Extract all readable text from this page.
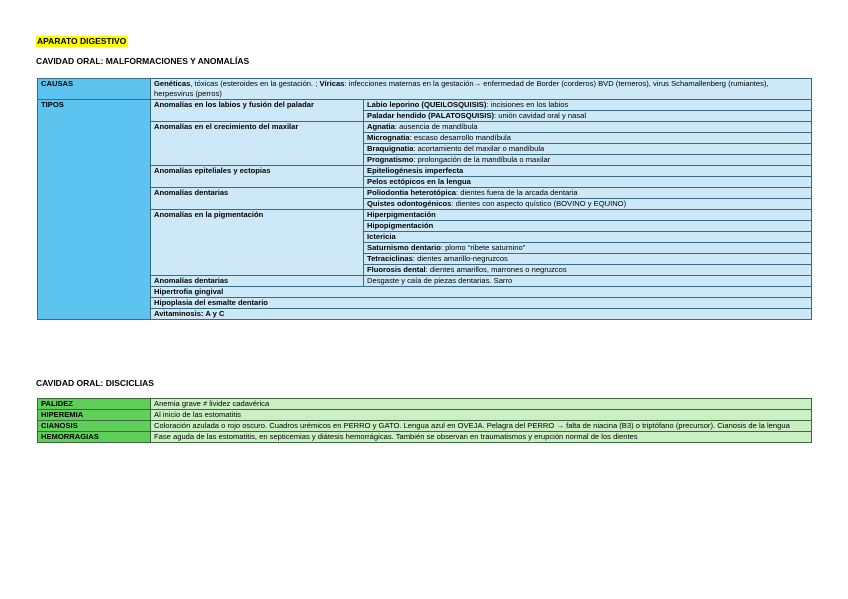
APARATO DIGESTIVO
CAVIDAD ORAL: MALFORMACIONES Y ANOMALÍAS
CAUSAS	Genéticas, tóxicas (esteroides en la gestación. ; Víricas: infecciones maternas en la gestación→ enfermedad de Border (corderos) BVD (terneros), virus Schamallenberg (rumiantes), herpesvirus (perros)	
TIPOS	Anomalías en los labios y fusión del paladar	Labio leporino (QUEILOSQUISIS): incisiones en los labios
		Paladar hendido (PALATOSQUISIS): unión cavidad oral y nasal
	Anomalías en el crecimiento del maxilar	Agnatia: ausencia de mandíbula
		Micrognatia: escaso desarrollo mandíbula
		Braquignatia: acortamiento del maxilar o mandíbula
		Prognatismo: prolongación de la mandíbula o maxilar
	Anomalías epiteliales y ectopias	Epiteliogénesis imperfecta
		Pelos ectópicos en la lengua
	Anomalías dentarias	Poliodontia heterotópica: dientes fuera de la arcada dentaria
		Quistes odontogénicos: dientes con aspecto quístico (BOVINO y EQUINO)
	Anomalías en la pigmentación	Hiperpigmentación
		Hipopigmentación
		Ictericia
		Saturnismo dentario: plomo “ribete saturnino”
		Tetraciclinas: dientes amarillo-negruzcos
		Fluorosis dental: dientes amarillos, marrones o negruzcos
	Anomalías dentarias	Desgaste y caía de piezas dentarias. Sarro
	Hipertrofia gingival	
	Hipoplasia del esmalte dentario	
	Avitaminosis: A y C	
CAVIDAD ORAL: DISCICLIAS
PALIDEZ	Anemia grave ≠ lividez cadavérica
HIPEREMIA	Al inicio de las estomatitis
CIANOSIS	Coloración azulada o rojo oscuro. Cuadros urémicos en PERRO y GATO. Lengua azul en OVEJA. Pelagra del PERRO → falta de niacina (B3) o triptófano (precursor). Cianosis de la lengua
HEMORRAGIAS	Fase aguda de las estomatitis, en septicemias y diátesis hemorrágicas. También se observan en traumatismos y erupción normal de los dientes
